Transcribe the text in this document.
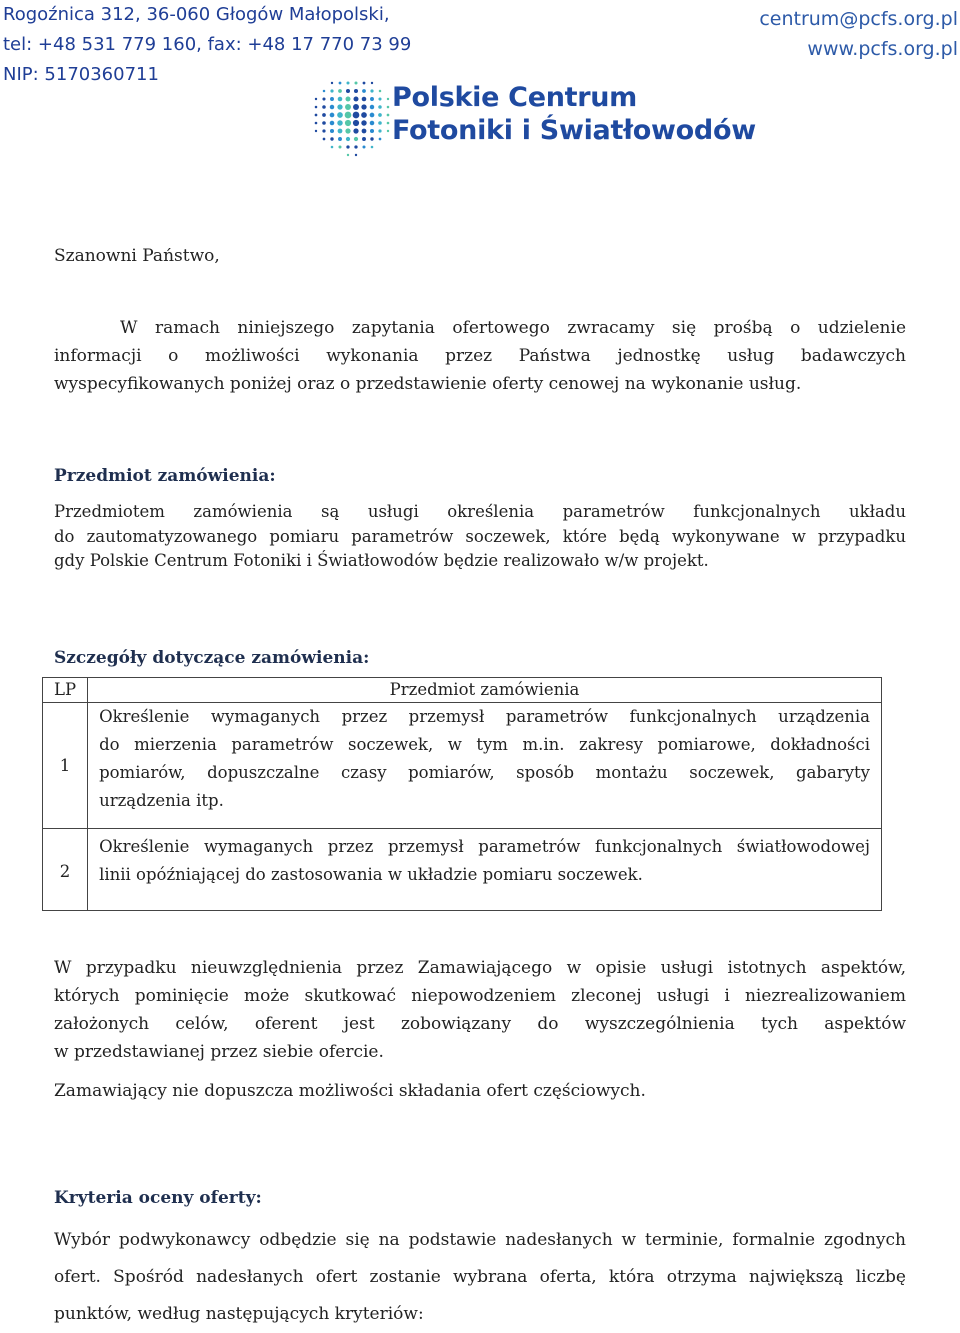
Rogoźnica 312, 36-060 Głogów Małopolski,
tel: +48 531 779 160, fax: +48 17 770 73 99
NIP: 5170360711
centrum@pcfs.org.pl
www.pcfs.org.pl
Polskie Centrum
Fotoniki i Światłowodów
Szanowni Państwo,
W ramach niniejszego zapytania ofertowego zwracamy się prośbą o udzielenie
informacji o możliwości wykonania przez Państwa jednostkę usług badawczych
wyspecyfikowanych poniżej oraz o przedstawienie oferty cenowej na wykonanie usług.
Przedmiot zamówienia:
Przedmiotem zamówienia są usługi określenia parametrów funkcjonalnych układu
do zautomatyzowanego pomiaru parametrów soczewek, które będą wykonywane w przypadku
gdy Polskie Centrum Fotoniki i Światłowodów będzie realizowało w/w projekt.
Szczegóły dotyczące zamówienia:
LP	Przedmiot zamówienia
1	Określenie wymaganych przez przemysł parametrów funkcjonalnych urządzenia
do mierzenia parametrów soczewek, w tym m.in. zakresy pomiarowe, dokładności
pomiarów, dopuszczalne czasy pomiarów, sposób montażu soczewek, gabaryty
urządzenia itp.

2	Określenie wymaganych przez przemysł parametrów funkcjonalnych światłowodowej
linii opóźniającej do zastosowania w układzie pomiaru soczewek.
W przypadku nieuwzględnienia przez Zamawiającego w opisie usługi istotnych aspektów,
których pominięcie może skutkować niepowodzeniem zleconej usługi i niezrealizowaniem
założonych celów, oferent jest zobowiązany do wyszczególnienia tych aspektów
w przedstawianej przez siebie ofercie.
Zamawiający nie dopuszcza możliwości składania ofert częściowych.
Kryteria oceny oferty:
Wybór podwykonawcy odbędzie się na podstawie nadesłanych w terminie, formalnie zgodnych
ofert. Spośród nadesłanych ofert zostanie wybrana oferta, która otrzyma największą liczbę
punktów, według następujących kryteriów:
